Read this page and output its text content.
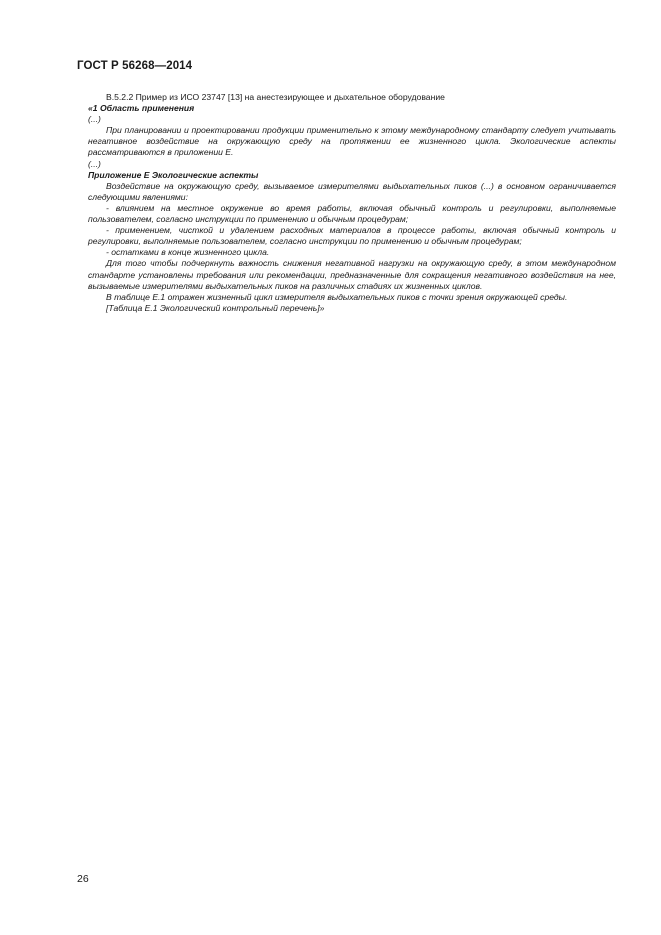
ГОСТ Р 56268—2014

В.5.2.2 Пример из ИСО 23747 [13] на анестезирующее и дыхательное оборудование

«1 Область применения

(...)

При планировании и проектировании продукции применительно к этому международному стандарту следует учитывать негативное воздействие на окружающую среду на протяжении ее жизненного цикла. Экологические аспекты рассматриваются в приложении Е.

(...)

Приложение Е Экологические аспекты

Воздействие на окружающую среду, вызываемое измерителями выдыхательных пиков (...) в основном ограничивается следующими явлениями:

- влиянием на местное окружение во время работы, включая обычный контроль и регулировки, выполняемые пользователем, согласно инструкции по применению и обычным процедурам;

- применением, чисткой и удалением расходных материалов в процессе работы, включая обычный контроль и регулировки, выполняемые пользователем, согласно инструкции по применению и обычным процедурам;

- остатками в конце жизненного цикла.

Для того чтобы подчеркнуть важность снижения негативной нагрузки на окружающую среду, в этом международном стандарте установлены требования или рекомендации, предназначенные для сокращения негативного воздействия на нее, вызываемые измерителями выдыхательных пиков на различных стадиях их жизненных циклов.

В таблице Е.1 отражен жизненный цикл измерителя выдыхательных пиков с точки зрения окружающей среды.

[Таблица Е.1 Экологический контрольный перечень]»

26
